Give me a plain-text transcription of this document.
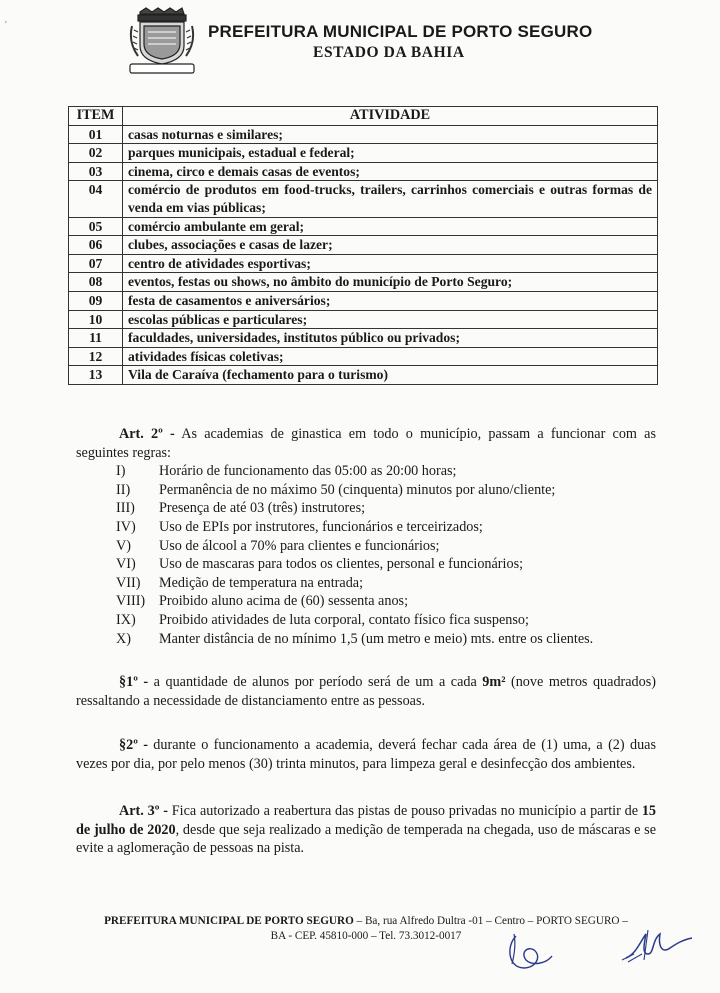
'	PREFEITURA MUNICIPAL DE PORTO SEGURO
ESTADO DA BAHIA
ITEM	ATIVIDADE
01	casas noturnas e similares;
02	parques municipais, estadual e federal;
03	cinema, circo e demais casas de eventos;
04	comércio de produtos em food-trucks, trailers, carrinhos comerciais e outras formas de venda em vias públicas;
05	comércio ambulante em geral;
06	clubes, associações e casas de lazer;
07	centro de atividades esportivas;
08	eventos, festas ou shows, no âmbito do município de Porto Seguro;
09	festa de casamentos e aniversários;
10	escolas públicas e particulares;
11	faculdades, universidades, institutos público ou privados;
12	atividades físicas coletivas;
13	Vila de Caraíva (fechamento para o turismo)
Art. 2º - As academias de ginastica em todo o município, passam a funcionar com as seguintes regras:
I)	Horário de funcionamento das 05:00 as 20:00 horas;
II)	Permanência de no máximo 50 (cinquenta) minutos por aluno/cliente;
III)	Presença de até 03 (três) instrutores;
IV)	Uso de EPIs por instrutores, funcionários e terceirizados;
V)	Uso de álcool a 70% para clientes e funcionários;
VI)	Uso de mascaras para todos os clientes, personal e funcionários;
VII)	Medição de temperatura na entrada;
VIII) Proibido aluno acima de (60) sessenta anos;
IX)	Proibido atividades de luta corporal, contato físico fica suspenso;
X)	Manter distância de no mínimo 1,5 (um metro e meio) mts. entre os clientes.
§1º - a quantidade de alunos por período será de um a cada 9m² (nove metros quadrados) ressaltando a necessidade de distanciamento entre as pessoas.
§2º - durante o funcionamento a academia, deverá fechar cada área de (1) uma, a (2) duas vezes por dia, por pelo menos (30) trinta minutos, para limpeza geral e desinfecção dos ambientes.
Art. 3º - Fica autorizado a reabertura das pistas de pouso privadas no município a partir de 15 de julho de 2020, desde que seja realizado a medição de temperada na chegada, uso de máscaras e se evite a aglomeração de pessoas na pista.
PREFEITURA MUNICIPAL DE PORTO SEGURO – Ba, rua Alfredo Dultra -01 – Centro – PORTO SEGURO –
BA - CEP. 45810-000 – Tel. 73.3012-0017
